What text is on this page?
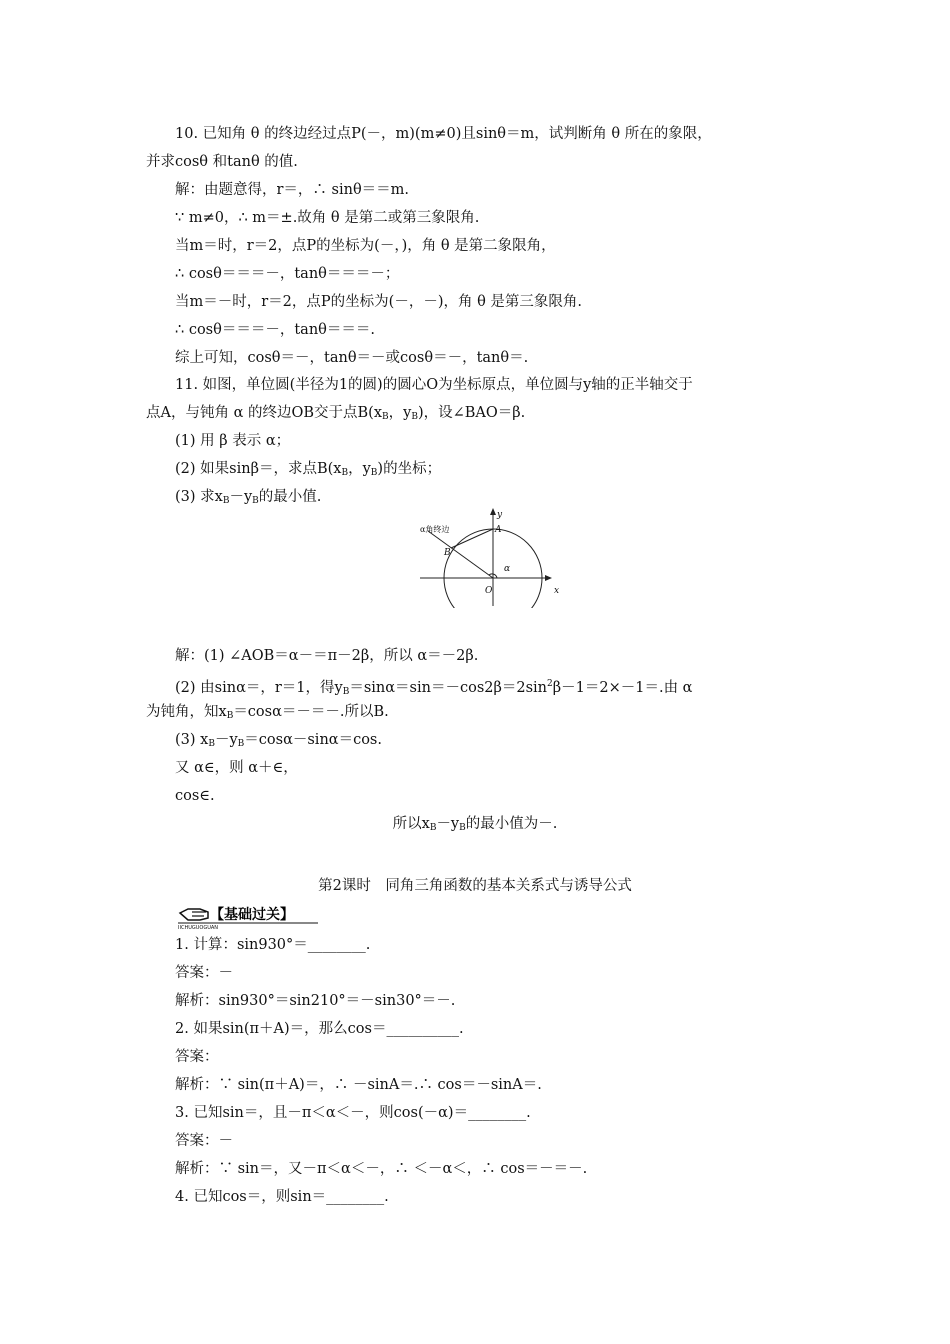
10. 已知角 θ 的终边经过点P(－，m)(m≠0)且sinθ＝m，试判断角 θ 所在的象限，
并求cosθ 和tanθ 的值.
解：由题意得，r＝，∴ sinθ＝＝m.
∵ m≠0，∴ m＝±.故角 θ 是第二或第三象限角.
当m＝时，r＝2，点P的坐标为(－，)，角 θ 是第二象限角，
∴ cosθ＝＝＝－，tanθ＝＝＝－；
当m＝－时，r＝2，点P的坐标为(－，－)，角 θ 是第三象限角.
∴ cosθ＝＝＝－，tanθ＝＝＝.
综上可知，cosθ＝－，tanθ＝－或cosθ＝－，tanθ＝.
11. 如图，单位圆(半径为1的圆)的圆心O为坐标原点，单位圆与y轴的正半轴交于
点A，与钝角 α 的终边OB交于点$B(x_B$，$y_B$)，设∠BAO＝β.
(1) 用 β 表示 α；
(2) 如果sinβ＝，求点$B(x_B$，$y_B$)的坐标；
(3) 求$x_B-y_B$的最小值.
α角终边
y
A
B
α
O	x
解：(1) ∠AOB＝α－＝π－2β，所以 α＝－2β.
(2) 由sinα＝，r＝1，得$y_B=\sin\alpha=\sin=-\cos 2\beta=2\sin^2\beta-1=2\times-1=$.由 α
为钝角，知$x_B=\cos\alpha=-=-$.所以B.
(3) $x_B-y_B=\cos\alpha-\sin\alpha=\cos$.
又 α∈，则 α＋∈，
cos∈.
所以$x_B-y_B$的最小值为－.
第2课时　同角三角函数的基本关系式与诱导公式
【基础过关】
JICHUGUOGUAN
1. 计算：sin930°＝________.
答案：－
解析：sin930°＝sin210°＝－sin30°＝－.
2. 如果sin(π＋A)＝，那么cos＝__________.
答案：
解析：∵ sin(π＋A)＝，∴ －sinA＝.∴ cos＝－sinA＝.
3. 已知sin＝，且－π＜α＜－，则cos(－α)＝________.
答案：－
解析：∵ sin＝，又－π＜α＜－，∴ ＜－α＜，∴ cos＝－＝－.
4. 已知cos＝，则sin＝________.
